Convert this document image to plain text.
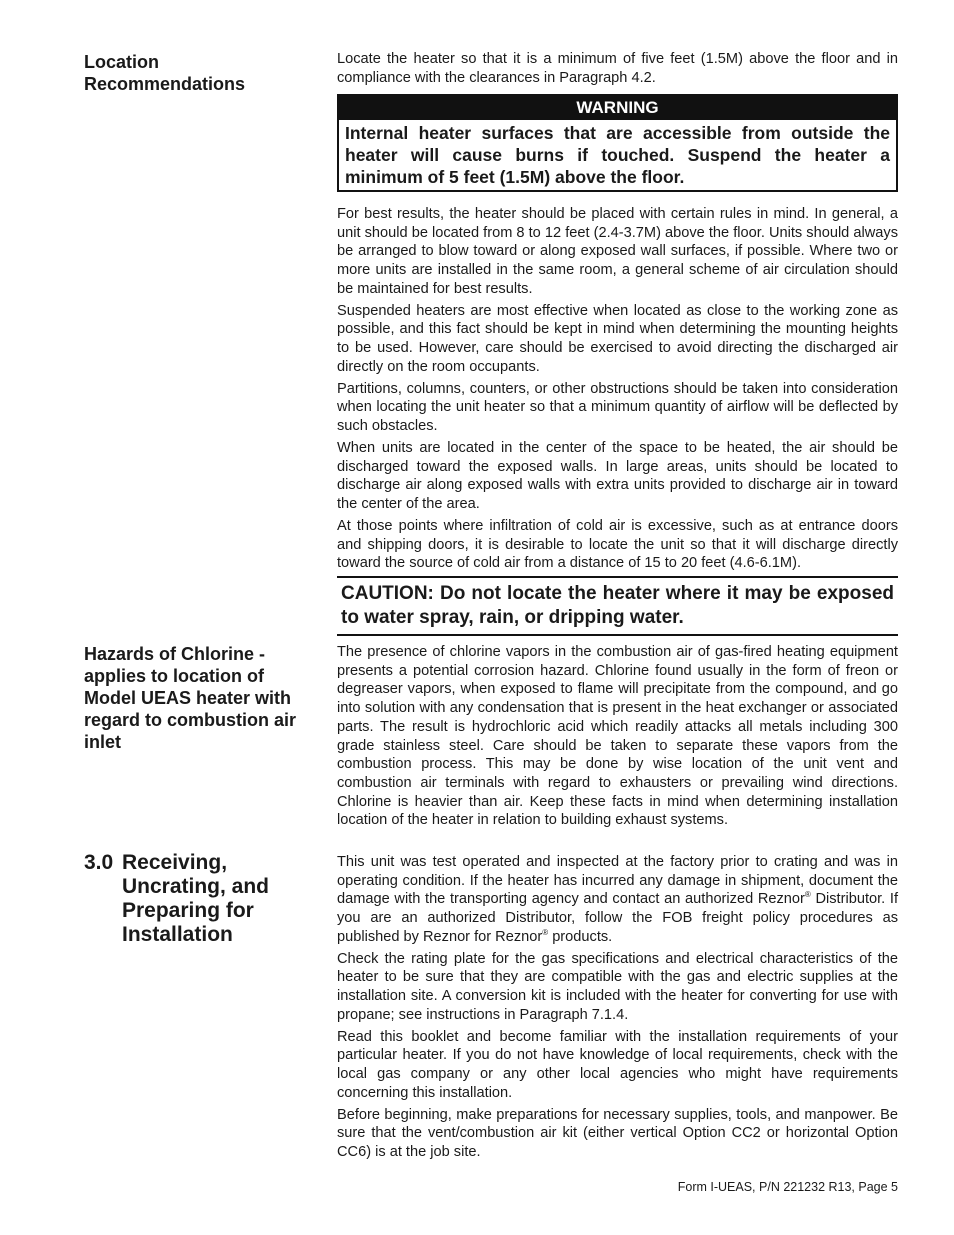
Location
Recommendations

Locate the heater so that it is a minimum of five feet (1.5M) above the floor and in compliance with the clearances in Paragraph 4.2.

WARNING
Internal heater surfaces that are accessible from outside the heater will cause burns if touched. Suspend the heater a minimum of 5 feet (1.5M) above the floor.

For best results, the heater should be placed with certain rules in mind. In general, a unit should be located from 8 to 12 feet (2.4-3.7M) above the floor. Units should always be arranged to blow toward or along exposed wall surfaces, if possible. Where two or more units are installed in the same room, a general scheme of air circulation should be maintained for best results.

Suspended heaters are most effective when located as close to the working zone as possible, and this fact should be kept in mind when determining the mounting heights to be used. However, care should be exercised to avoid directing the discharged air directly on the room occupants.

Partitions, columns, counters, or other obstructions should be taken into consideration when locating the unit heater so that a minimum quantity of airflow will be deflected by such obstacles.

When units are located in the center of the space to be heated, the air should be discharged toward the exposed walls. In large areas, units should be located to discharge air along exposed walls with extra units provided to discharge air in toward the center of the area.

At those points where infiltration of cold air is excessive, such as at entrance doors and shipping doors, it is desirable to locate the unit so that it will discharge directly toward the source of cold air from a distance of 15 to 20 feet (4.6-6.1M).

CAUTION: Do not locate the heater where it may be exposed to water spray, rain, or dripping water.
Hazards of Chlorine - applies to location of Model UEAS heater with regard to combustion air inlet

The presence of chlorine vapors in the combustion air of gas-fired heating equipment presents a potential corrosion hazard. Chlorine found usually in the form of freon or degreaser vapors, when exposed to flame will precipitate from the compound, and go into solution with any condensation that is present in the heat exchanger or associated parts. The result is hydrochloric acid which readily attacks all metals including 300 grade stainless steel. Care should be taken to separate these vapors from the combustion process. This may be done by wise location of the unit vent and combustion air terminals with regard to exhausters or prevailing wind directions. Chlorine is heavier than air. Keep these facts in mind when determining installation location of the heater in relation to building exhaust systems.

3.0 Receiving, Uncrating, and Preparing for Installation

This unit was test operated and inspected at the factory prior to crating and was in operating condition. If the heater has incurred any damage in shipment, document the damage with the transporting agency and contact an authorized Reznor® Distributor. If you are an authorized Distributor, follow the FOB freight policy procedures as published by Reznor for Reznor® products.

Check the rating plate for the gas specifications and electrical characteristics of the heater to be sure that they are compatible with the gas and electric supplies at the installation site. A conversion kit is included with the heater for converting for use with propane; see instructions in Paragraph 7.1.4.

Read this booklet and become familiar with the installation requirements of your particular heater. If you do not have knowledge of local requirements, check with the local gas company or any other local agencies who might have requirements concerning this installation.

Before beginning, make preparations for necessary supplies, tools, and manpower. Be sure that the vent/combustion air kit (either vertical Option CC2 or horizontal Option CC6) is at the job site.

Form I-UEAS, P/N 221232 R13, Page 5
